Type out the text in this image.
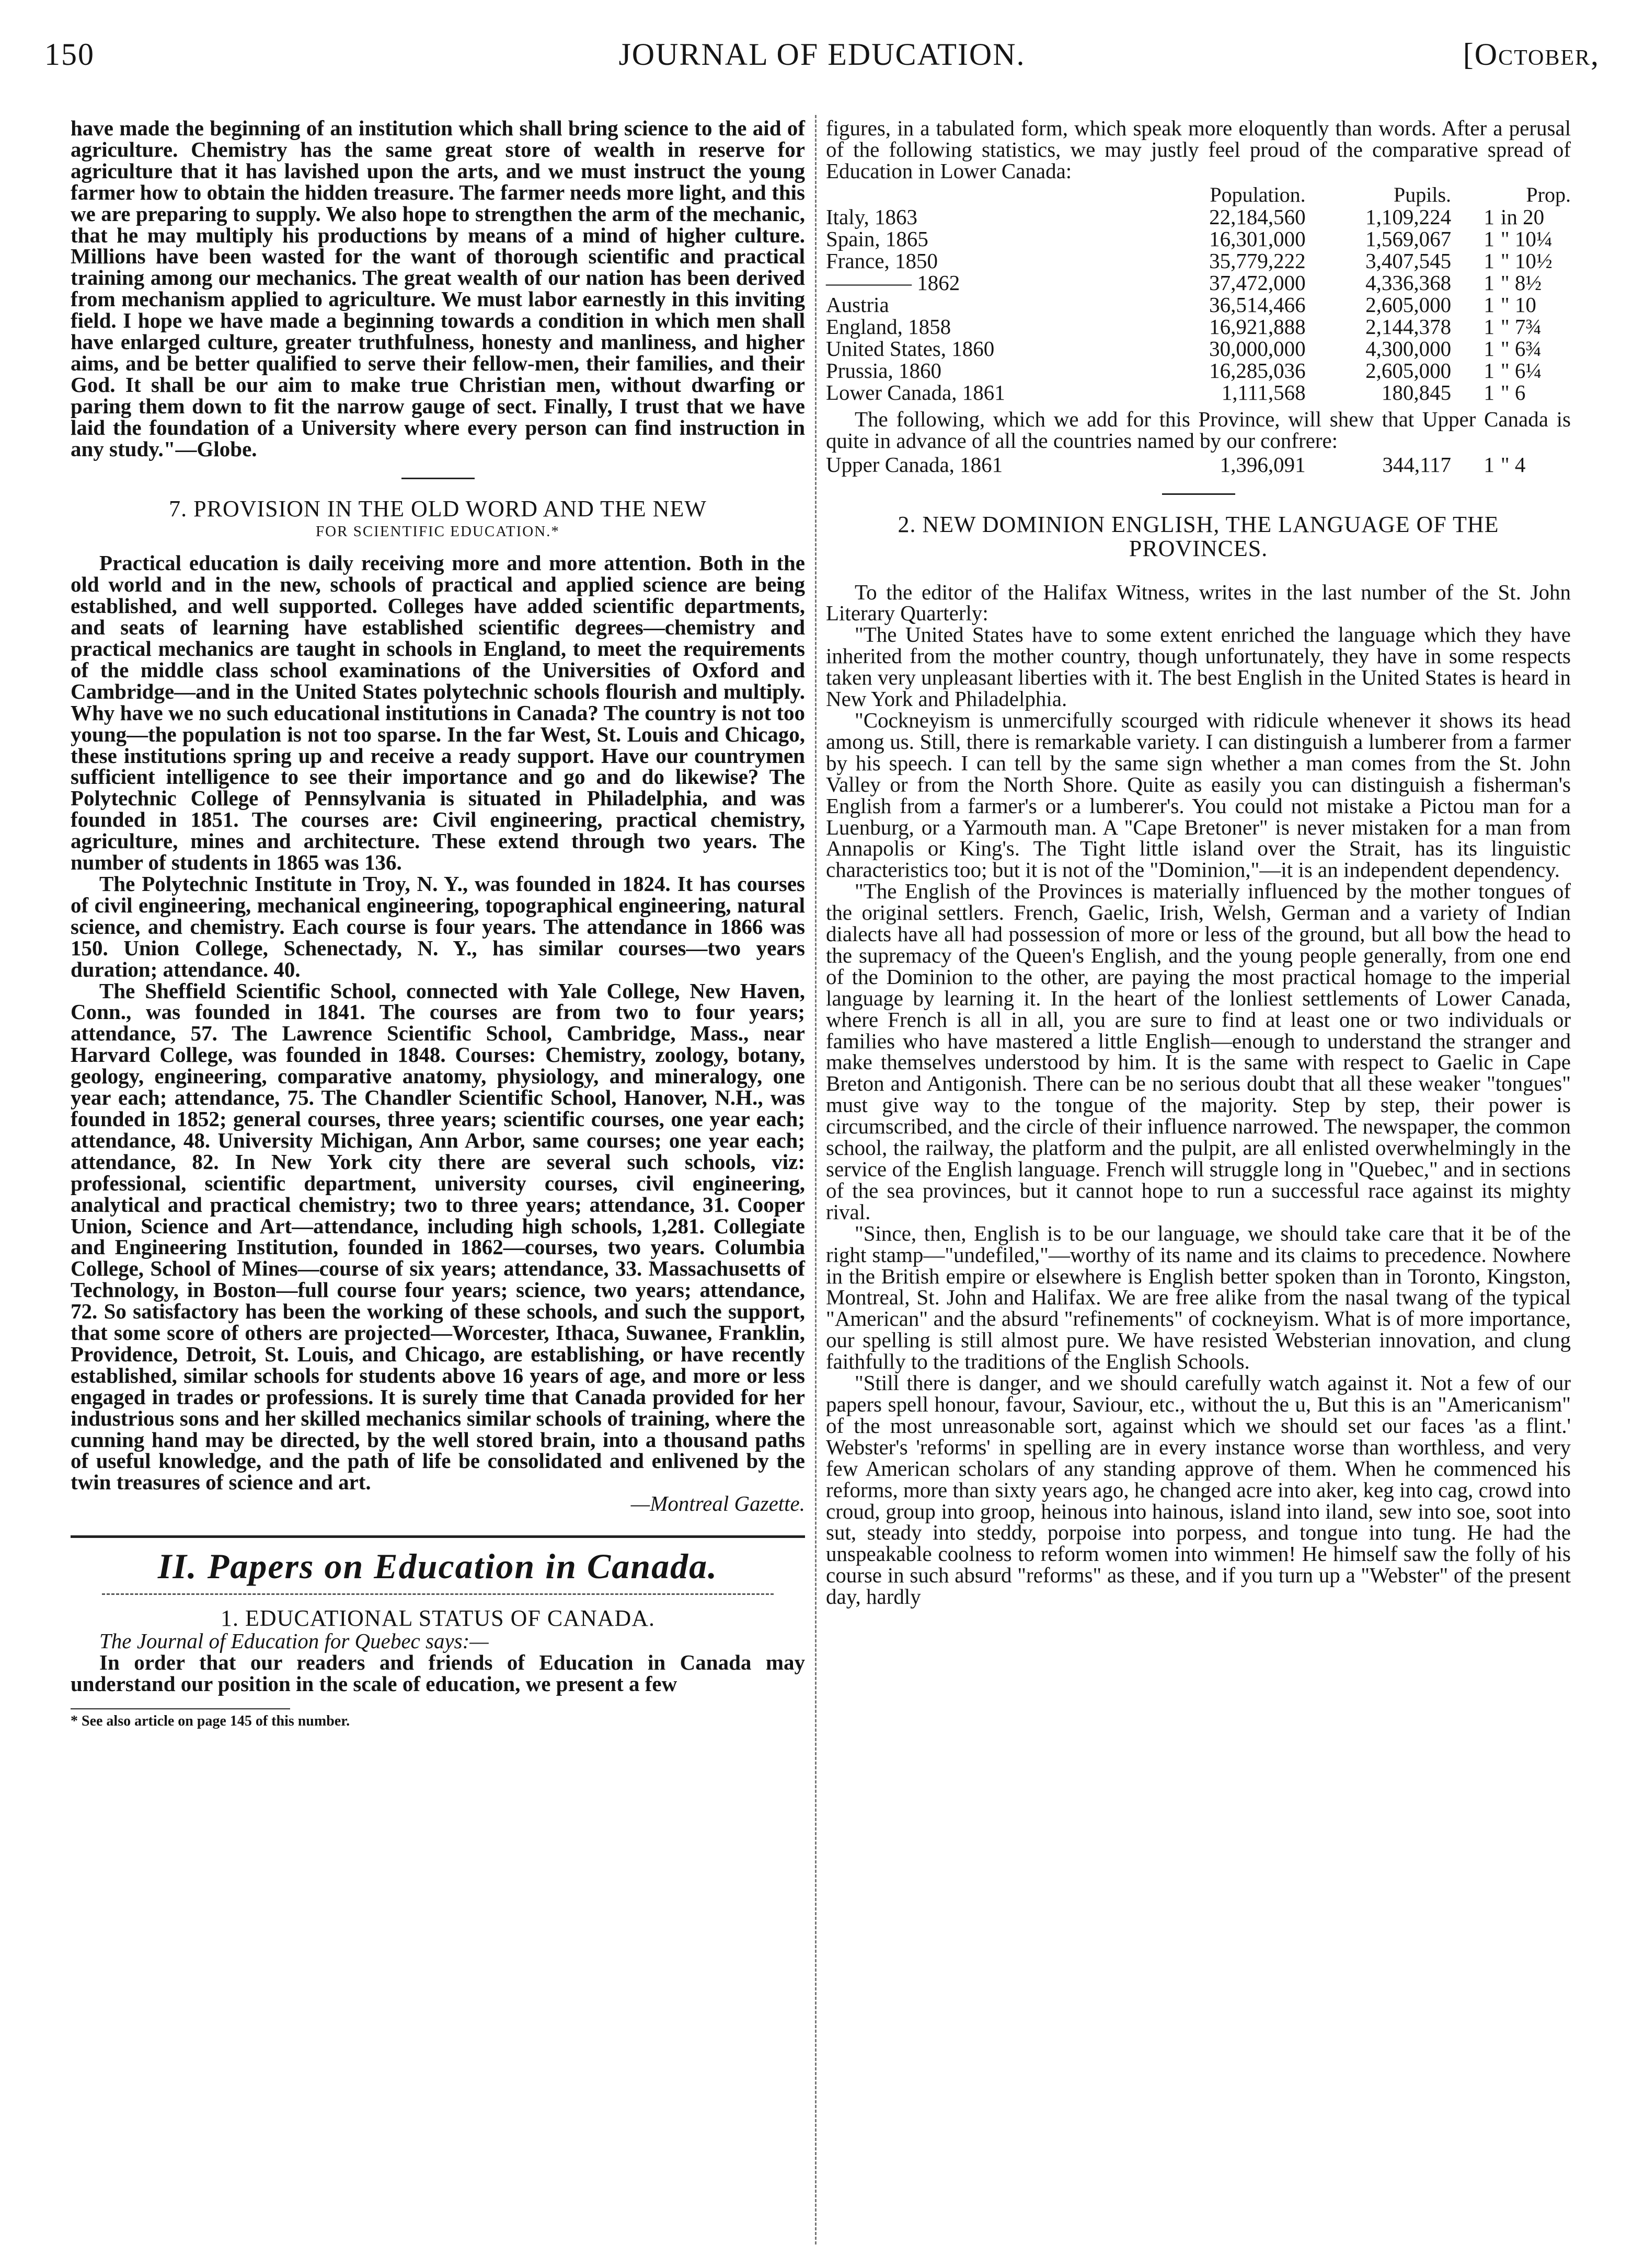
150	JOURNAL OF EDUCATION.	[October,

have made the beginning of an institution which shall bring science to the aid of agriculture. Chemistry has the same great store of wealth in reserve for agriculture that it has lavished upon the arts, and we must instruct the young farmer how to obtain the hidden treasure. The farmer needs more light, and this we are preparing to supply. We also hope to strengthen the arm of the mechanic, that he may multiply his productions by means of a mind of higher culture. Millions have been wasted for the want of thorough scientific and practical training among our mechanics. The great wealth of our nation has been derived from mechanism applied to agriculture. We must labor earnestly in this inviting field. I hope we have made a beginning towards a condition in which men shall have enlarged culture, greater truthfulness, honesty and manliness, and higher aims, and be better qualified to serve their fellow-men, their families, and their God. It shall be our aim to make true Christian men, without dwarfing or paring them down to fit the narrow gauge of sect. Finally, I trust that we have laid the foundation of a University where every person can find instruction in any study."—Globe.

7. PROVISION IN THE OLD WORD AND THE NEW
FOR SCIENTIFIC EDUCATION.*

Practical education is daily receiving more and more attention. Both in the old world and in the new, schools of practical and applied science are being established, and well supported. Colleges have added scientific departments, and seats of learning have established scientific degrees—chemistry and practical mechanics are taught in schools in England, to meet the requirements of the middle class school examinations of the Universities of Oxford and Cambridge—and in the United States polytechnic schools flourish and multiply. Why have we no such educational institutions in Canada? The country is not too young—the population is not too sparse. In the far West, St. Louis and Chicago, these institutions spring up and receive a ready support. Have our countrymen sufficient intelligence to see their importance and go and do likewise? The Polytechnic College of Pennsylvania is situated in Philadelphia, and was founded in 1851. The courses are: Civil engineering, practical chemistry, agriculture, mines and architecture. These extend through two years. The number of students in 1865 was 136.

The Polytechnic Institute in Troy, N. Y., was founded in 1824. It has courses of civil engineering, mechanical engineering, topographical engineering, natural science, and chemistry. Each course is four years. The attendance in 1866 was 150. Union College, Schenectady, N. Y., has similar courses—two years duration; attendance. 40.

The Sheffield Scientific School, connected with Yale College, New Haven, Conn., was founded in 1841. The courses are from two to four years; attendance, 57. The Lawrence Scientific School, Cambridge, Mass., near Harvard College, was founded in 1848. Courses: Chemistry, zoology, botany, geology, engineering, comparative anatomy, physiology, and mineralogy, one year each; attendance, 75. The Chandler Scientific School, Hanover, N.H., was founded in 1852; general courses, three years; scientific courses, one year each; attendance, 48. University Michigan, Ann Arbor, same courses; one year each; attendance, 82. In New York city there are several such schools, viz: professional, scientific department, university courses, civil engineering, analytical and practical chemistry; two to three years; attendance, 31. Cooper Union, Science and Art—attendance, including high schools, 1,281. Collegiate and Engineering Institution, founded in 1862—courses, two years. Columbia College, School of Mines—course of six years; attendance, 33. Massachusetts of Technology, in Boston—full course four years; science, two years; attendance, 72. So satisfactory has been the working of these schools, and such the support, that some score of others are projected—Worcester, Ithaca, Suwanee, Franklin, Providence, Detroit, St. Louis, and Chicago, are establishing, or have recently established, similar schools for students above 16 years of age, and more or less engaged in trades or professions. It is surely time that Canada provided for her industrious sons and her skilled mechanics similar schools of training, where the cunning hand may be directed, by the well stored brain, into a thousand paths of useful knowledge, and the path of life be consolidated and enlivened by the twin treasures of science and art.

—Montreal Gazette.

II. Papers on Education in Canada.
1. EDUCATIONAL STATUS OF CANADA.

The Journal of Education for Quebec says:—

In order that our readers and friends of Education in Canada may understand our position in the scale of education, we present a few

* See also article on page 145 of this number.

figures, in a tabulated form, which speak more eloquently than words. After a perusal of the following statistics, we may justly feel proud of the comparative spread of Education in Lower Canada:

	Population.	Pupils.	Prop.	
Italy, 1863	22,184,560	1,109,224	1	in 20
Spain, 1865	16,301,000	1,569,067	1	" 10¼
France, 1850	35,779,222	3,407,545	1	" 10½
———— 1862	37,472,000	4,336,368	1	" 8½
Austria	36,514,466	2,605,000	1	" 10
England, 1858	16,921,888	2,144,378	1	" 7¾
United States, 1860	30,000,000	4,300,000	1	" 6¾
Prussia, 1860	16,285,036	2,605,000	1	" 6¼
Lower Canada, 1861	1,111,568	180,845	1	" 6

The following, which we add for this Province, will shew that Upper Canada is quite in advance of all the countries named by our confrere:

Upper Canada, 1861	1,396,091	344,117	1	" 4
2. NEW DOMINION ENGLISH, THE LANGUAGE OF THE PROVINCES.

To the editor of the Halifax Witness, writes in the last number of the St. John Literary Quarterly:

"The United States have to some extent enriched the language which they have inherited from the mother country, though unfortunately, they have in some respects taken very unpleasant liberties with it. The best English in the United States is heard in New York and Philadelphia.

"Cockneyism is unmercifully scourged with ridicule whenever it shows its head among us. Still, there is remarkable variety. I can distinguish a lumberer from a farmer by his speech. I can tell by the same sign whether a man comes from the St. John Valley or from the North Shore. Quite as easily you can distinguish a fisherman's English from a farmer's or a lumberer's. You could not mistake a Pictou man for a Luenburg, or a Yarmouth man. A "Cape Bretoner" is never mistaken for a man from Annapolis or King's. The Tight little island over the Strait, has its linguistic characteristics too; but it is not of the "Dominion,"—it is an independent dependency.

"The English of the Provinces is materially influenced by the mother tongues of the original settlers. French, Gaelic, Irish, Welsh, German and a variety of Indian dialects have all had possession of more or less of the ground, but all bow the head to the supremacy of the Queen's English, and the young people generally, from one end of the Dominion to the other, are paying the most practical homage to the imperial language by learning it. In the heart of the lonliest settlements of Lower Canada, where French is all in all, you are sure to find at least one or two individuals or families who have mastered a little English—enough to understand the stranger and make themselves understood by him. It is the same with respect to Gaelic in Cape Breton and Antigonish. There can be no serious doubt that all these weaker "tongues" must give way to the tongue of the majority. Step by step, their power is circumscribed, and the circle of their influence narrowed. The newspaper, the common school, the railway, the platform and the pulpit, are all enlisted overwhelmingly in the service of the English language. French will struggle long in "Quebec," and in sections of the sea provinces, but it cannot hope to run a successful race against its mighty rival.

"Since, then, English is to be our language, we should take care that it be of the right stamp—"undefiled,"—worthy of its name and its claims to precedence. Nowhere in the British empire or elsewhere is English better spoken than in Toronto, Kingston, Montreal, St. John and Halifax. We are free alike from the nasal twang of the typical "American" and the absurd "refinements" of cockneyism. What is of more importance, our spelling is still almost pure. We have resisted Websterian innovation, and clung faithfully to the traditions of the English Schools.

"Still there is danger, and we should carefully watch against it. Not a few of our papers spell honour, favour, Saviour, etc., without the u, But this is an "Americanism" of the most unreasonable sort, against which we should set our faces 'as a flint.' Webster's 'reforms' in spelling are in every instance worse than worthless, and very few American scholars of any standing approve of them. When he commenced his reforms, more than sixty years ago, he changed acre into aker, keg into cag, crowd into croud, group into groop, heinous into hainous, island into iland, sew into soe, soot into sut, steady into steddy, porpoise into porpess, and tongue into tung. He had the unspeakable coolness to reform women into wimmen! He himself saw the folly of his course in such absurd "reforms" as these, and if you turn up a "Webster" of the present day, hardly
